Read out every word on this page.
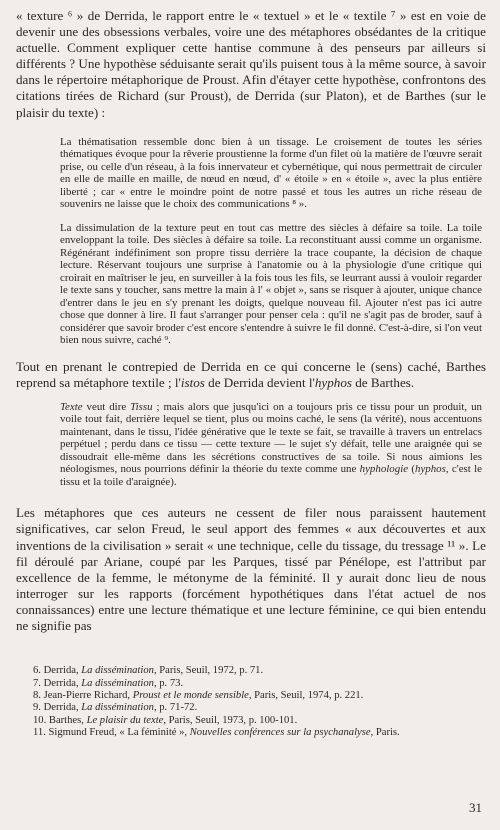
« texture ⁶ » de Derrida, le rapport entre le « textuel » et le « textile ⁷ » est en voie de devenir une des obsessions verbales, voire une des métaphores obsédantes de la critique actuelle. Comment expliquer cette hantise commune à des penseurs par ailleurs si différents ? Une hypothèse séduisante serait qu'ils puisent tous à la même source, à savoir dans le répertoire métaphorique de Proust. Afin d'étayer cette hypothèse, confrontons des citations tirées de Richard (sur Proust), de Derrida (sur Platon), et de Barthes (sur le plaisir du texte) :

La thématisation ressemble donc bien à un tissage. Le croisement de toutes les séries thématiques évoque pour la rêverie proustienne la forme d'un filet où la matière de l'œuvre serait prise, ou celle d'un réseau, à la fois innervateur et cybernétique, qui nous permettrait de circuler en elle de maille en maille, de nœud en nœud, d' « étoile » en « étoile », avec la plus entière liberté ; car « entre le moindre point de notre passé et tous les autres un riche réseau de souvenirs ne laisse que le choix des communications ⁸ ».

La dissimulation de la texture peut en tout cas mettre des siècles à défaire sa toile. La toile enveloppant la toile. Des siècles à défaire sa toile. La reconstituant aussi comme un organisme. Régénérant indéfiniment son propre tissu derrière la trace coupante, la décision de chaque lecture. Réservant toujours une surprise à l'anatomie ou à la physiologie d'une critique qui croirait en maîtriser le jeu, en surveiller à la fois tous les fils, se leurrant aussi à vouloir regarder le texte sans y toucher, sans mettre la main à l' « objet », sans se risquer à ajouter, unique chance d'entrer dans le jeu en s'y prenant les doigts, quelque nouveau fil. Ajouter n'est pas ici autre chose que donner à lire. Il faut s'arranger pour penser cela : qu'il ne s'agit pas de broder, sauf à considérer que savoir broder c'est encore s'entendre à suivre le fil donné. C'est-à-dire, si l'on veut bien nous suivre, caché ⁹.

Tout en prenant le contrepied de Derrida en ce qui concerne le (sens) caché, Barthes reprend sa métaphore textile ; l'istos de Derrida devient l'hyphos de Barthes.

Texte veut dire Tissu ; mais alors que jusqu'ici on a toujours pris ce tissu pour un produit, un voile tout fait, derrière lequel se tient, plus ou moins caché, le sens (la vérité), nous accentuons maintenant, dans le tissu, l'idée générative que le texte se fait, se travaille à travers un entrelacs perpétuel ; perdu dans ce tissu — cette texture — le sujet s'y défait, telle une araignée qui se dissoudrait elle-même dans les sécrétions constructives de sa toile. Si nous aimions les néologismes, nous pourrions définir la théorie du texte comme une hyphologie (hyphos, c'est le tissu et la toile d'araignée).

Les métaphores que ces auteurs ne cessent de filer nous paraissent hautement significatives, car selon Freud, le seul apport des femmes « aux découvertes et aux inventions de la civilisation » serait « une technique, celle du tissage, du tressage ¹¹ ». Le fil déroulé par Ariane, coupé par les Parques, tissé par Pénélope, est l'attribut par excellence de la femme, le métonyme de la féminité. Il y aurait donc lieu de nous interroger sur les rapports (forcément hypothétiques dans l'état actuel de nos connaissances) entre une lecture thématique et une lecture féminine, ce qui bien entendu ne signifie pas

6. Derrida, La dissémination, Paris, Seuil, 1972, p. 71.

7. Derrida, La dissémination, p. 73.

8. Jean-Pierre Richard, Proust et le monde sensible, Paris, Seuil, 1974, p. 221.

9. Derrida, La dissémination, p. 71-72.

10. Barthes, Le plaisir du texte, Paris, Seuil, 1973, p. 100-101.

11. Sigmund Freud, « La féminité », Nouvelles conférences sur la psychanalyse, Paris.

31
